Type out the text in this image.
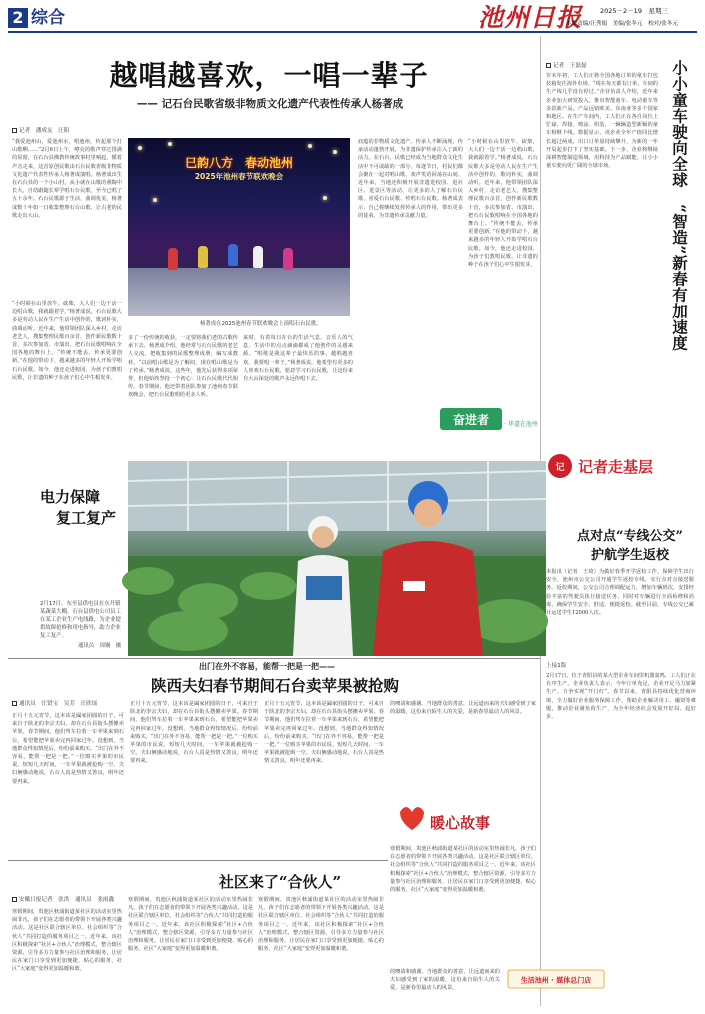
2 综合	池州日报	2025－2－19　星期三
本版责编/汪秀娟　美编/张冬元　校对/张冬元
越唱越喜欢，一唱一辈子
—— 记石台民歌省级非物质文化遗产代表性传承人杨著成
记者　潘成友　汪阳
“我爱池州山，爱池州水，唱池州，传起那个打山歌啊……”2月6日上午，嘹亮的歌声穿过排满的屋窗，在石台县佛教传统故事村里响起。循着声音走来，这首原创民歌由石台民歌省级非物质文化遗产代表性传承人杨著成演唱。杨著成出生在石台县的一个小山村，从小就在山歌的熏陶中长大，自幼跟随长辈学唱石台民歌，至今已唱了五十余年。石台民歌源于生活，曲调优美，杨著成数十年如一日收集整理石台山歌，让古老的民歌走出大山。
“小时候在山里放牛、砍柴，大人们一边干活一边唱山歌，我就跟着学。”杨著成说，石台民歌大多是劳动人民在生产生活中创作的，歌词朴实，曲调动听。近年来，他带领团队深入乡村，走访老艺人，搜集整理民歌百余首，创作新民歌数十首，多次参加省、市演出，把石台民歌唱响在全国各地的舞台上。“传统不能丢，传承更要创新。”在他的带动下，越来越多的年轻人开始学唱石台民歌。如今，他还走进校园，为孩子们教唱民歌，让非遗的种子在孩子们心中生根发芽。
巳韵八方　春动池州
2025年池州春节联欢晚会
杨著成在2025池州春节联欢晚会上演唱石台民歌。
多了一份传统的收获，一定要将我们老的古歌传承下去。杨著成介绍，他经常与石台民歌的老艺人交流，把收集到的民歌整理成册，编写成教材。“以前唱山歌是为了解闷，现在唱山歌是为了传承。”杨著成说。这些年，他先后获得多项荣誉，但他始终坚持一个初心：让石台民歌代代相传。春节期间，他还带着团队参加了池州春节联欢晚会，把石台民歌唱给更多人听。
来时，有着每日在台的生活气息，音乐人的气息。生活中的点点滴滴都成了他创作的灵感来源。“唱歌是我这辈子最快乐的事，越唱越喜欢，我要唱一辈子。”杨著成说，他希望有更多的人喜欢石台民歌，愿意学习石台民歌，让这份来自大山深处的歌声永远传唱下去。
底蕴的非物质文化遗产。传承人不断涌现，传承活动蓬勃开展，为非遗保护传承注入了新的活力。在石台，民歌已经成为当地群众文化生活中不可或缺的一部分。每逢节日，村民们都会聚在一起对唱山歌，欢声笑语回荡在山间。近年来，当地还积极开展非遗进校园、进社区、进景区等活动，让更多的人了解石台民歌、喜爱石台民歌、传唱石台民歌。杨著成表示，自己将继续发挥传承人的作用，带出更多的徒弟，为非遗传承贡献力量。
“小时候在山里放牛、砍柴，大人们一边干活一边唱山歌，我就跟着学。”杨著成说，石台民歌大多是劳动人民在生产生活中创作的，歌词朴实，曲调动听。近年来，他带领团队深入乡村，走访老艺人，搜集整理民歌百余首，创作新民歌数十首，多次参加省、市演出，把石台民歌唱响在全国各地的舞台上。“传统不能丢，传承更要创新。”在他的带动下，越来越多的年轻人开始学唱石台民歌。如今，他还走进校园，为孩子们教唱民歌，让非遗的种子在孩子们心中生根发芽。
奋进者 · 华道在池州
小小童车驶向全球　“智造”新春有加速度
记者　王磊磊
岁末年初，工人们正将全国各地订单的童车打包装箱发往海外市场。“现在每天都有订单，车间的生产线几乎没有停过。”企业负责人介绍，近年来企业加大研发投入，推出智能童车、电动童车等多款新产品，产品远销欧美、东南亚等多个国家和地区。在生产车间内，工人们正在各自岗位上忙碌，焊接、喷涂、组装，一辆辆造型新颖的童车相继下线。数据显示，该企业全年产值同比增长超过两成，出口订单量持续攀升，为新的一年开局起步打下了坚实基础。下一步，企业将继续深耕智能制造领域，用科技为产品赋能，让小小童车驶向更广阔的全球市场。
记 记者走基层
点对点“专线公交”
护航学生返校
本报讯（记者　王琦）为做好春季开学返校工作，保障学生出行安全，池州市公交公司开通学生返校专线，实行点对点接送服务。返校期间，公交公司合理调配运力，增加车辆班次，安排经验丰富的驾驶员执行接送任务，同时对车辆进行全面检修和消毒，确保学生安全、舒适、便捷返校。截至目前，专线公交已累计运送学生12000人次。
电力保障
复工复产
2月17日，东至县供电员在东升镇某蔬菜大棚，石台县供电公司员工在某工企业生产电线路，为企业提供故障抢修和用电指导，助力企业复工复产。
通讯员　周娴　摄
出门在外不容易，能帮一把是一把——
陕西夫妇春节期间石台卖苹果被抢购
通讯员　汪贤宝　吴芳　汪欣瑶
正月十五元宵节，这本该是阖家团圆的日子，可来自于陕北的李宗夫妇，却在石台县街头摆摊卖苹果。春节期间，他们驾车拉着一车苹果来到石台，希望能把苹果卖完再回家过年。没想到，当地群众得知情况后，纷纷前来购买。“出门在外不容易，能帮一把是一把。”一位购买苹果的市民说。短短几天时间，一车苹果就被抢购一空。夫妇俩感动地说，石台人真是热情又善良，明年还要再来。
正月十五元宵节，这本该是阖家团圆的日子，可来自于陕北的李宗夫妇，却在石台县街头摆摊卖苹果。春节期间，他们驾车拉着一车苹果来到石台，希望能把苹果卖完再回家过年。没想到，当地群众得知情况后，纷纷前来购买。“出门在外不容易，能帮一把是一把。”一位购买苹果的市民说。短短几天时间，一车苹果就被抢购一空。夫妇俩感动地说，石台人真是热情又善良，明年还要再来。
正月十五元宵节，这本该是阖家团圆的日子，可来自于陕北的李宗夫妇，却在石台县街头摆摊卖苹果。春节期间，他们驾车拉着一车苹果来到石台，希望能把苹果卖完再回家过年。没想到，当地群众得知情况后，纷纷前来购买。“出门在外不容易，能帮一把是一把。”一位购买苹果的市民说。短短几天时间，一车苹果就被抢购一空。夫妇俩感动地说，石台人真是热情又善良，明年还要再来。
的噢请和感谢。当地群众的善意，让远道而来的夫妇感受到了家的温暖，这份来自陌生人的关爱，是新春里最动人的风景。
暖心故事
寒假期间，贵池区秋浦街道某社区的活动室里热闹非凡，孩子们在志愿者的带领下开展各类兴趣活动。这是社区联合辖区单位、社会组织等“合伙人”共同打造的服务项目之一。近年来，该社区积极探索“社区+合伙人”治理模式，整合辖区资源，引导多方力量参与社区治理和服务，让居民在家门口享受到更加便捷、贴心的服务，社区“大家庭”变得更加温暖和谐。
社区来了“合伙人”
安徽日报记者　张洪　通讯员　张雨鑫
寒假期间，贵池区秋浦街道某社区的活动室里热闹非凡，孩子们在志愿者的带领下开展各类兴趣活动。这是社区联合辖区单位、社会组织等“合伙人”共同打造的服务项目之一。近年来，该社区积极探索“社区+合伙人”治理模式，整合辖区资源，引导多方力量参与社区治理和服务，让居民在家门口享受到更加便捷、贴心的服务，社区“大家庭”变得更加温暖和谐。
寒假期间，贵池区秋浦街道某社区的活动室里热闹非凡，孩子们在志愿者的带领下开展各类兴趣活动。这是社区联合辖区单位、社会组织等“合伙人”共同打造的服务项目之一。近年来，该社区积极探索“社区+合伙人”治理模式，整合辖区资源，引导多方力量参与社区治理和服务，让居民在家门口享受到更加便捷、贴心的服务，社区“大家庭”变得更加温暖和谐。
寒假期间，贵池区秋浦街道某社区的活动室里热闹非凡，孩子们在志愿者的带领下开展各类兴趣活动。这是社区联合辖区单位、社会组织等“合伙人”共同打造的服务项目之一。近年来，该社区积极探索“社区+合伙人”治理模式，整合辖区资源，引导多方力量参与社区治理和服务，让居民在家门口享受到更加便捷、贴心的服务，社区“大家庭”变得更加温暖和谐。
上接1版
2月17日，位于青阳县的某大型企业车间里机器轰鸣，工人们正在有序生产。企业负责人表示，今年订单充足，企业开足马力加紧生产，力争实现“开门红”。春节以来，青阳县持续优化营商环境，全力做好企业服务保障工作，帮助企业解决用工、融资等难题，推动企业满负荷生产，为全年经济社会发展开好局、起好步。
的噢请和感谢。当地群众的善意，让远道而来的夫妇感受到了家的温暖，这份来自陌生人的关爱，是新春里最动人的风景。
生活池州 · 媒体总门店
